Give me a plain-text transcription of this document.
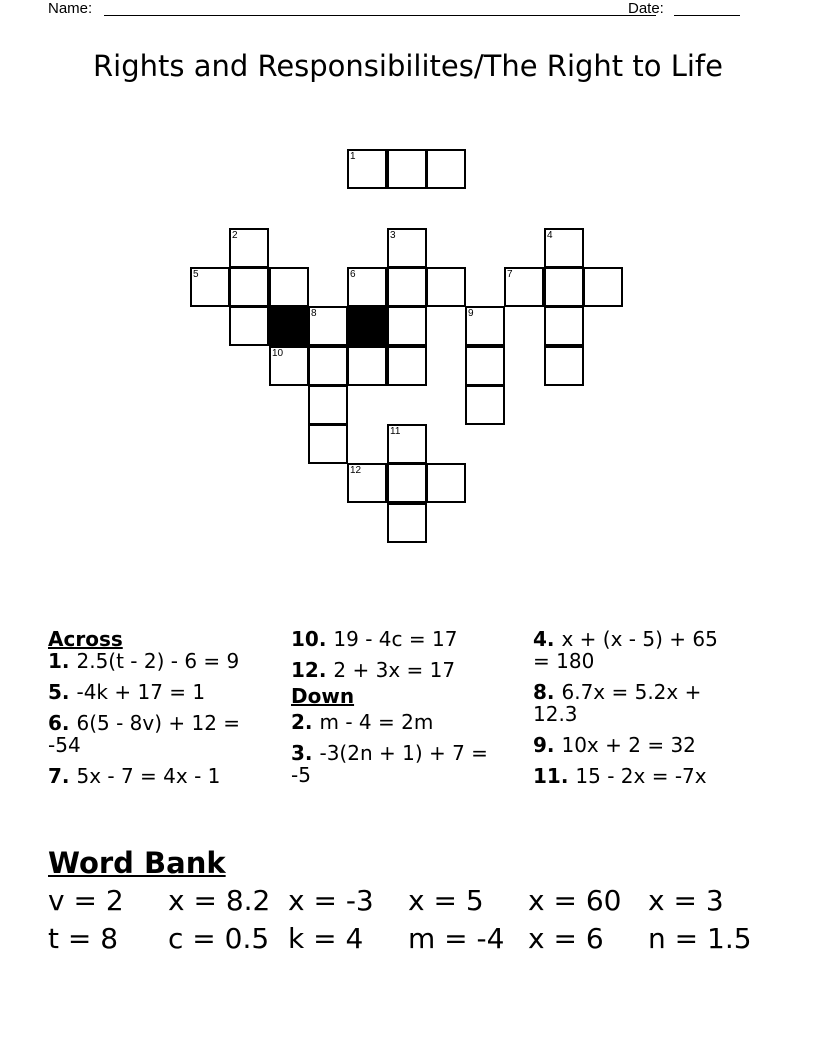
Name:	Date:
Rights and Responsibilites/The Right to Life
1
2	3	4
5	6	7
8	9
10
11
12
Across
1. 2.5(t - 2) - 6 = 9
5. -4k + 17 = 1
6. 6(5 - 8v) + 12 = -54
7. 5x - 7 = 4x - 1
10. 19 - 4c = 17
12. 2 + 3x = 17
Down
2. m - 4 = 2m
3. -3(2n + 1) + 7 = -5
4. x + (x - 5) + 65 = 180
8. 6.7x = 5.2x + 12.3
9. 10x + 2 = 32
11. 15 - 2x = -7x
Word Bank
v = 2 x = 8.2 x = -3 x = 5 x = 60 x = 3
t = 8 c = 0.5 k = 4 m = -4 x = 6 n = 1.5
